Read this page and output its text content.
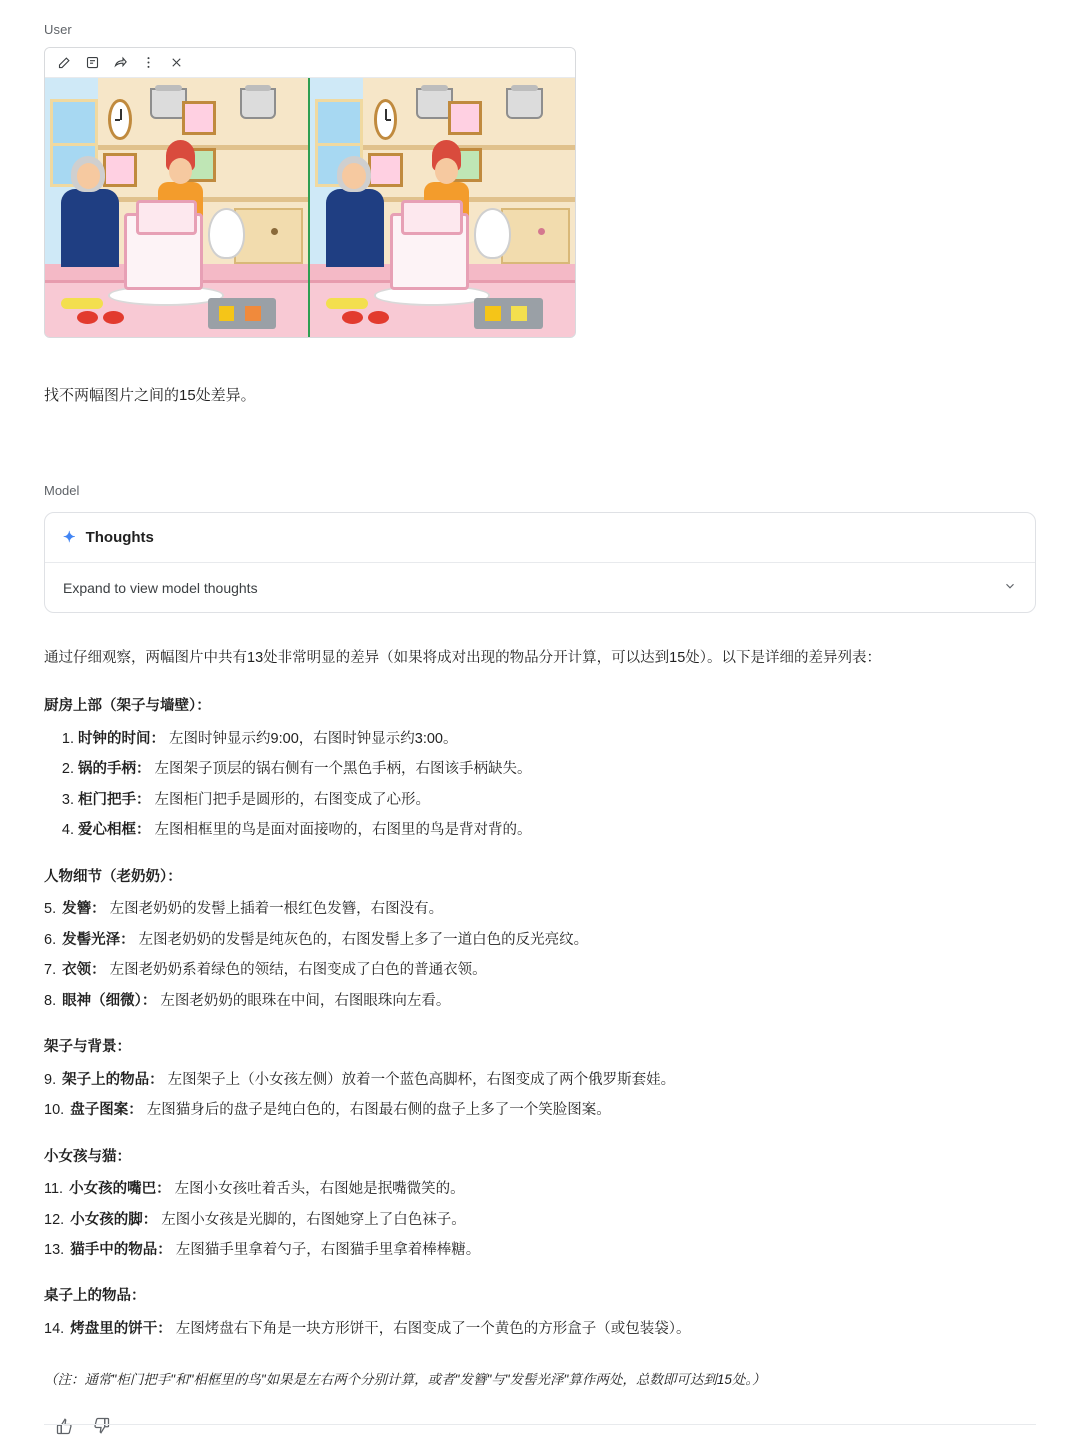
User
找不两幅图片之间的15处差异。
Model
✦ Thoughts
Expand to view model thoughts
通过仔细观察，两幅图片中共有13处非常明显的差异（如果将成对出现的物品分开计算，可以达到15处）。以下是详细的差异列表：
厨房上部（架子与墙壁）：
1. 时钟的时间： 左图时钟显示约9:00，右图时钟显示约3:00。
2. 锅的手柄： 左图架子顶层的锅右侧有一个黑色手柄，右图该手柄缺失。
3. 柜门把手： 左图柜门把手是圆形的，右图变成了心形。
4. 爱心相框： 左图相框里的鸟是面对面接吻的，右图里的鸟是背对背的。
人物细节（老奶奶）：
5. 发簪： 左图老奶奶的发髻上插着一根红色发簪，右图没有。
6. 发髻光泽： 左图老奶奶的发髻是纯灰色的，右图发髻上多了一道白色的反光亮纹。
7. 衣领： 左图老奶奶系着绿色的领结，右图变成了白色的普通衣领。
8. 眼神（细微）： 左图老奶奶的眼珠在中间，右图眼珠向左看。
架子与背景：
9. 架子上的物品： 左图架子上（小女孩左侧）放着一个蓝色高脚杯，右图变成了两个俄罗斯套娃。
10. 盘子图案： 左图猫身后的盘子是纯白色的，右图最右侧的盘子上多了一个笑脸图案。
小女孩与猫：
11. 小女孩的嘴巴： 左图小女孩吐着舌头，右图她是抿嘴微笑的。
12. 小女孩的脚： 左图小女孩是光脚的，右图她穿上了白色袜子。
13. 猫手中的物品： 左图猫手里拿着勺子，右图猫手里拿着棒棒糖。
桌子上的物品：
14. 烤盘里的饼干： 左图烤盘右下角是一块方形饼干，右图变成了一个黄色的方形盒子（或包装袋）。
（注：通常"柜门把手"和"相框里的鸟"如果是左右两个分别计算，或者"发簪"与"发髻光泽"算作两处，总数即可达到15处。）
